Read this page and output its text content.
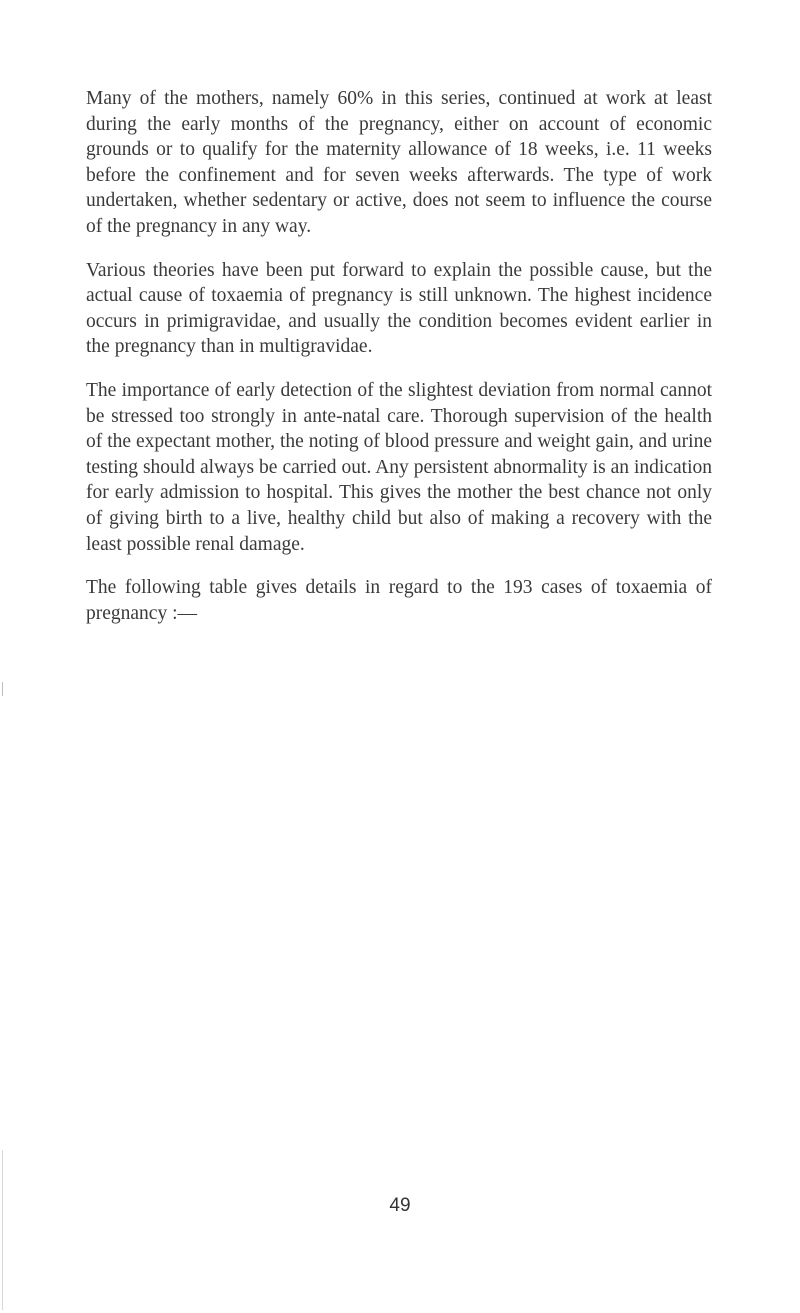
Many of the mothers, namely 60% in this series, continued at work at least during the early months of the pregnancy, either on account of economic grounds or to qualify for the maternity allowance of 18 weeks, i.e. 11 weeks before the confinement and for seven weeks afterwards. The type of work undertaken, whether sedentary or active, does not seem to influence the course of the pregnancy in any way.

Various theories have been put forward to explain the possible cause, but the actual cause of toxaemia of pregnancy is still unknown. The highest incidence occurs in primigravidae, and usually the condition becomes evident earlier in the pregnancy than in multigravidae.

The importance of early detection of the slightest deviation from normal cannot be stressed too strongly in ante-natal care. Thorough supervision of the health of the expectant mother, the noting of blood pressure and weight gain, and urine testing should always be carried out. Any persistent abnormality is an indication for early admission to hospital. This gives the mother the best chance not only of giving birth to a live, healthy child but also of making a recovery with the least possible renal damage.

The following table gives details in regard to the 193 cases of toxaemia of pregnancy :—

49
